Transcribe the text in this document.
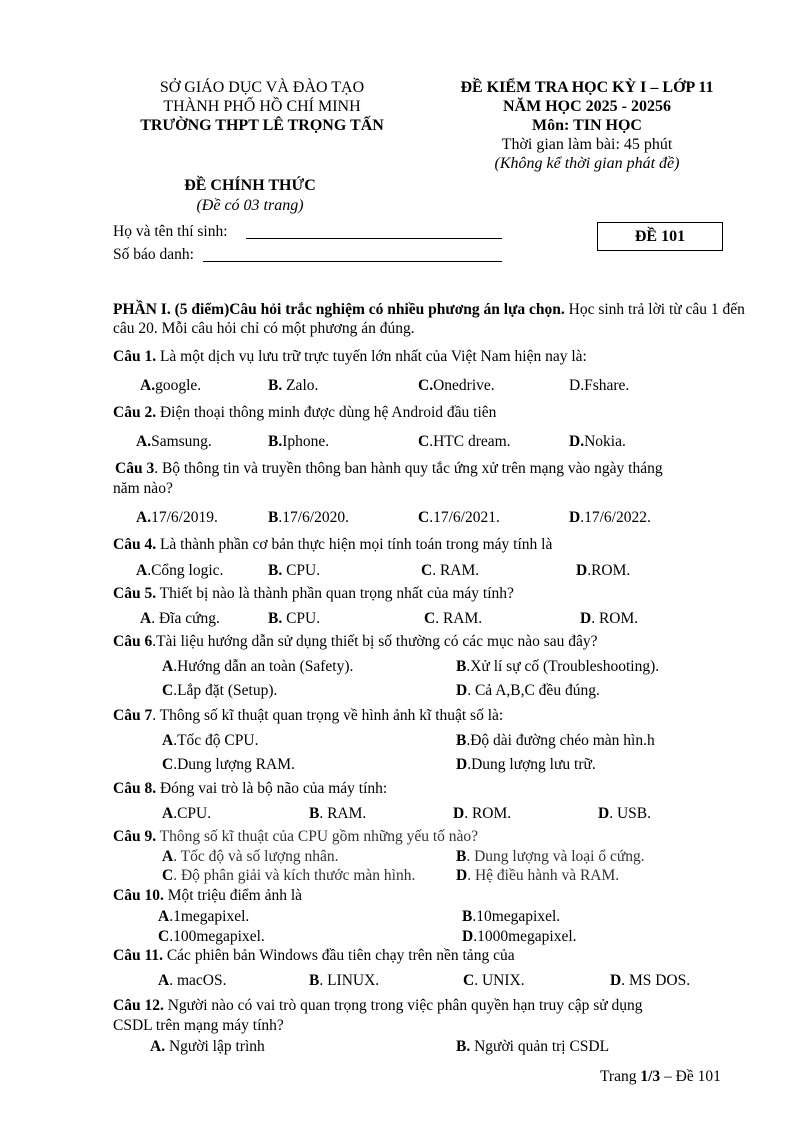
SỞ GIÁO DỤC VÀ ĐÀO TẠO
THÀNH PHỐ HỒ CHÍ MINH
TRƯỜNG THPT LÊ TRỌNG TẤN
ĐỀ KIỂM TRA HỌC KỲ I – LỚP 11
NĂM HỌC 2025 - 20256
Môn: TIN HỌC
Thời gian làm bài: 45 phút
(Không kể thời gian phát đề)
ĐỀ CHÍNH THỨC
(Đề có 03 trang)
Họ và tên thí sinh:
Số báo danh:
ĐỀ 101
PHẦN I. (5 điểm)Câu hỏi trắc nghiệm có nhiều phương án lựa chọn. Học sinh trả lời từ câu 1 đến câu 20. Mỗi câu hỏi chỉ có một phương án đúng.
Câu 1. Là một dịch vụ lưu trữ trực tuyến lớn nhất của Việt Nam hiện nay là:
A.google.	B. Zalo.	C.Onedrive.	D.Fshare.
Câu 2. Điện thoại thông minh được dùng hệ Android đầu tiên
A.Samsung.	B.Iphone.	C.HTC dream.	D.Nokia.
Câu 3. Bộ thông tin và truyền thông ban hành quy tắc ứng xử trên mạng vào ngày tháng
năm nào?
A.17/6/2019.	B.17/6/2020.	C.17/6/2021.	D.17/6/2022.
Câu 4. Là thành phần cơ bản thực hiện mọi tính toán trong máy tính là
A.Cổng logic.	B. CPU.	C. RAM.	D.ROM.
Câu 5. Thiết bị nào là thành phần quan trọng nhất của máy tính?
A. Đĩa cứng.	B. CPU.	C. RAM.	D. ROM.
Câu 6.Tài liệu hướng dẫn sử dụng thiết bị số thường có các mục nào sau đây?
A.Hướng dẫn an toàn (Safety).	B.Xử lí sự cố (Troubleshooting).
C.Lắp đặt (Setup).	D. Cả A,B,C đều đúng.
Câu 7. Thông số kĩ thuật quan trọng về hình ảnh kĩ thuật số là:
A.Tốc độ CPU.	B.Độ dài đường chéo màn hìn.h
C.Dung lượng RAM.	D.Dung lượng lưu trữ.
Câu 8. Đóng vai trò là bộ não của máy tính:
A.CPU.	B. RAM.	D. ROM.	D. USB.
Câu 9. Thông số kĩ thuật của CPU gồm những yếu tố nào?
A. Tốc độ và số lượng nhân.	B. Dung lượng và loại ổ cứng.
C. Độ phân giải và kích thước màn hình.	D. Hệ điều hành và RAM.
Câu 10. Một triệu điểm ảnh là
A.1megapixel.	B.10megapixel.
C.100megapixel.	D.1000megapixel.
Câu 11. Các phiên bản Windows đầu tiên chạy trên nền tảng của
A. macOS.	B. LINUX.	C. UNIX.	D. MS DOS.
Câu 12. Người nào có vai trò quan trọng trong việc phân quyền hạn truy cập sử dụng
CSDL trên mạng máy tính?
A. Người lập trình	B. Người quản trị CSDL
Trang 1/3 – Đề 101
